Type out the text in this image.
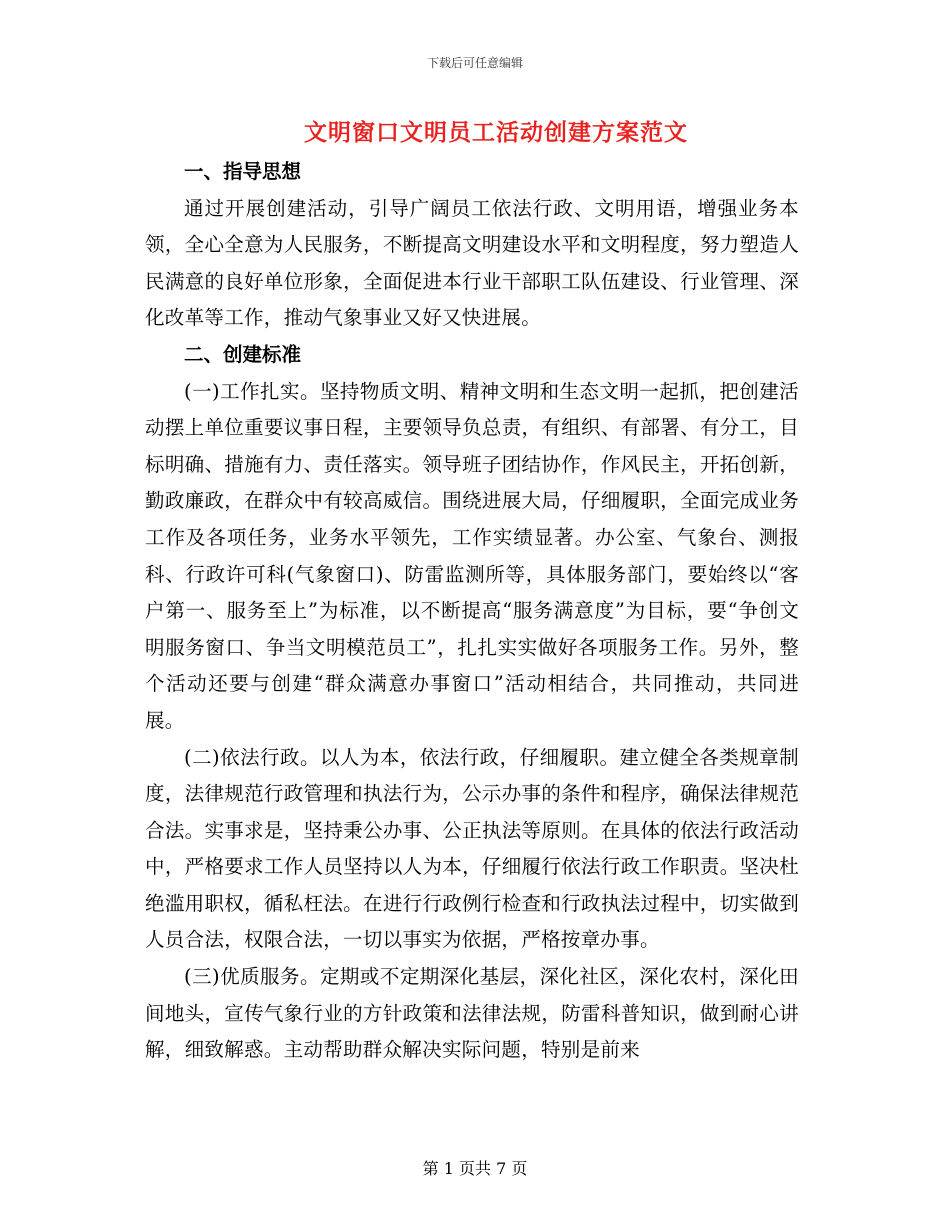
下载后可任意编辑
文明窗口文明员工活动创建方案范文

一、指导思想

通过开展创建活动，引导广阔员工依法行政、文明用语，增强业务本领，全心全意为人民服务，不断提高文明建设水平和文明程度，努力塑造人民满意的良好单位形象，全面促进本行业干部职工队伍建设、行业管理、深化改革等工作，推动气象事业又好又快进展。

二、创建标准

(一)工作扎实。坚持物质文明、精神文明和生态文明一起抓，把创建活动摆上单位重要议事日程，主要领导负总责，有组织、有部署、有分工，目标明确、措施有力、责任落实。领导班子团结协作，作风民主，开拓创新，勤政廉政，在群众中有较高威信。围绕进展大局，仔细履职，全面完成业务工作及各项任务，业务水平领先，工作实绩显著。办公室、气象台、测报科、行政许可科(气象窗口)、防雷监测所等，具体服务部门，要始终以“客户第一、服务至上”为标准，以不断提高“服务满意度”为目标，要“争创文明服务窗口、争当文明模范员工”，扎扎实实做好各项服务工作。另外，整个活动还要与创建“群众满意办事窗口”活动相结合，共同推动，共同进展。

(二)依法行政。以人为本，依法行政，仔细履职。建立健全各类规章制度，法律规范行政管理和执法行为，公示办事的条件和程序，确保法律规范合法。实事求是，坚持秉公办事、公正执法等原则。在具体的依法行政活动中，严格要求工作人员坚持以人为本，仔细履行依法行政工作职责。坚决杜绝滥用职权，循私枉法。在进行行政例行检查和行政执法过程中，切实做到人员合法，权限合法，一切以事实为依据，严格按章办事。

(三)优质服务。定期或不定期深化基层，深化社区，深化农村，深化田间地头，宣传气象行业的方针政策和法律法规，防雷科普知识，做到耐心讲解，细致解惑。主动帮助群众解决实际问题，特别是前来

第 1 页共 7 页
